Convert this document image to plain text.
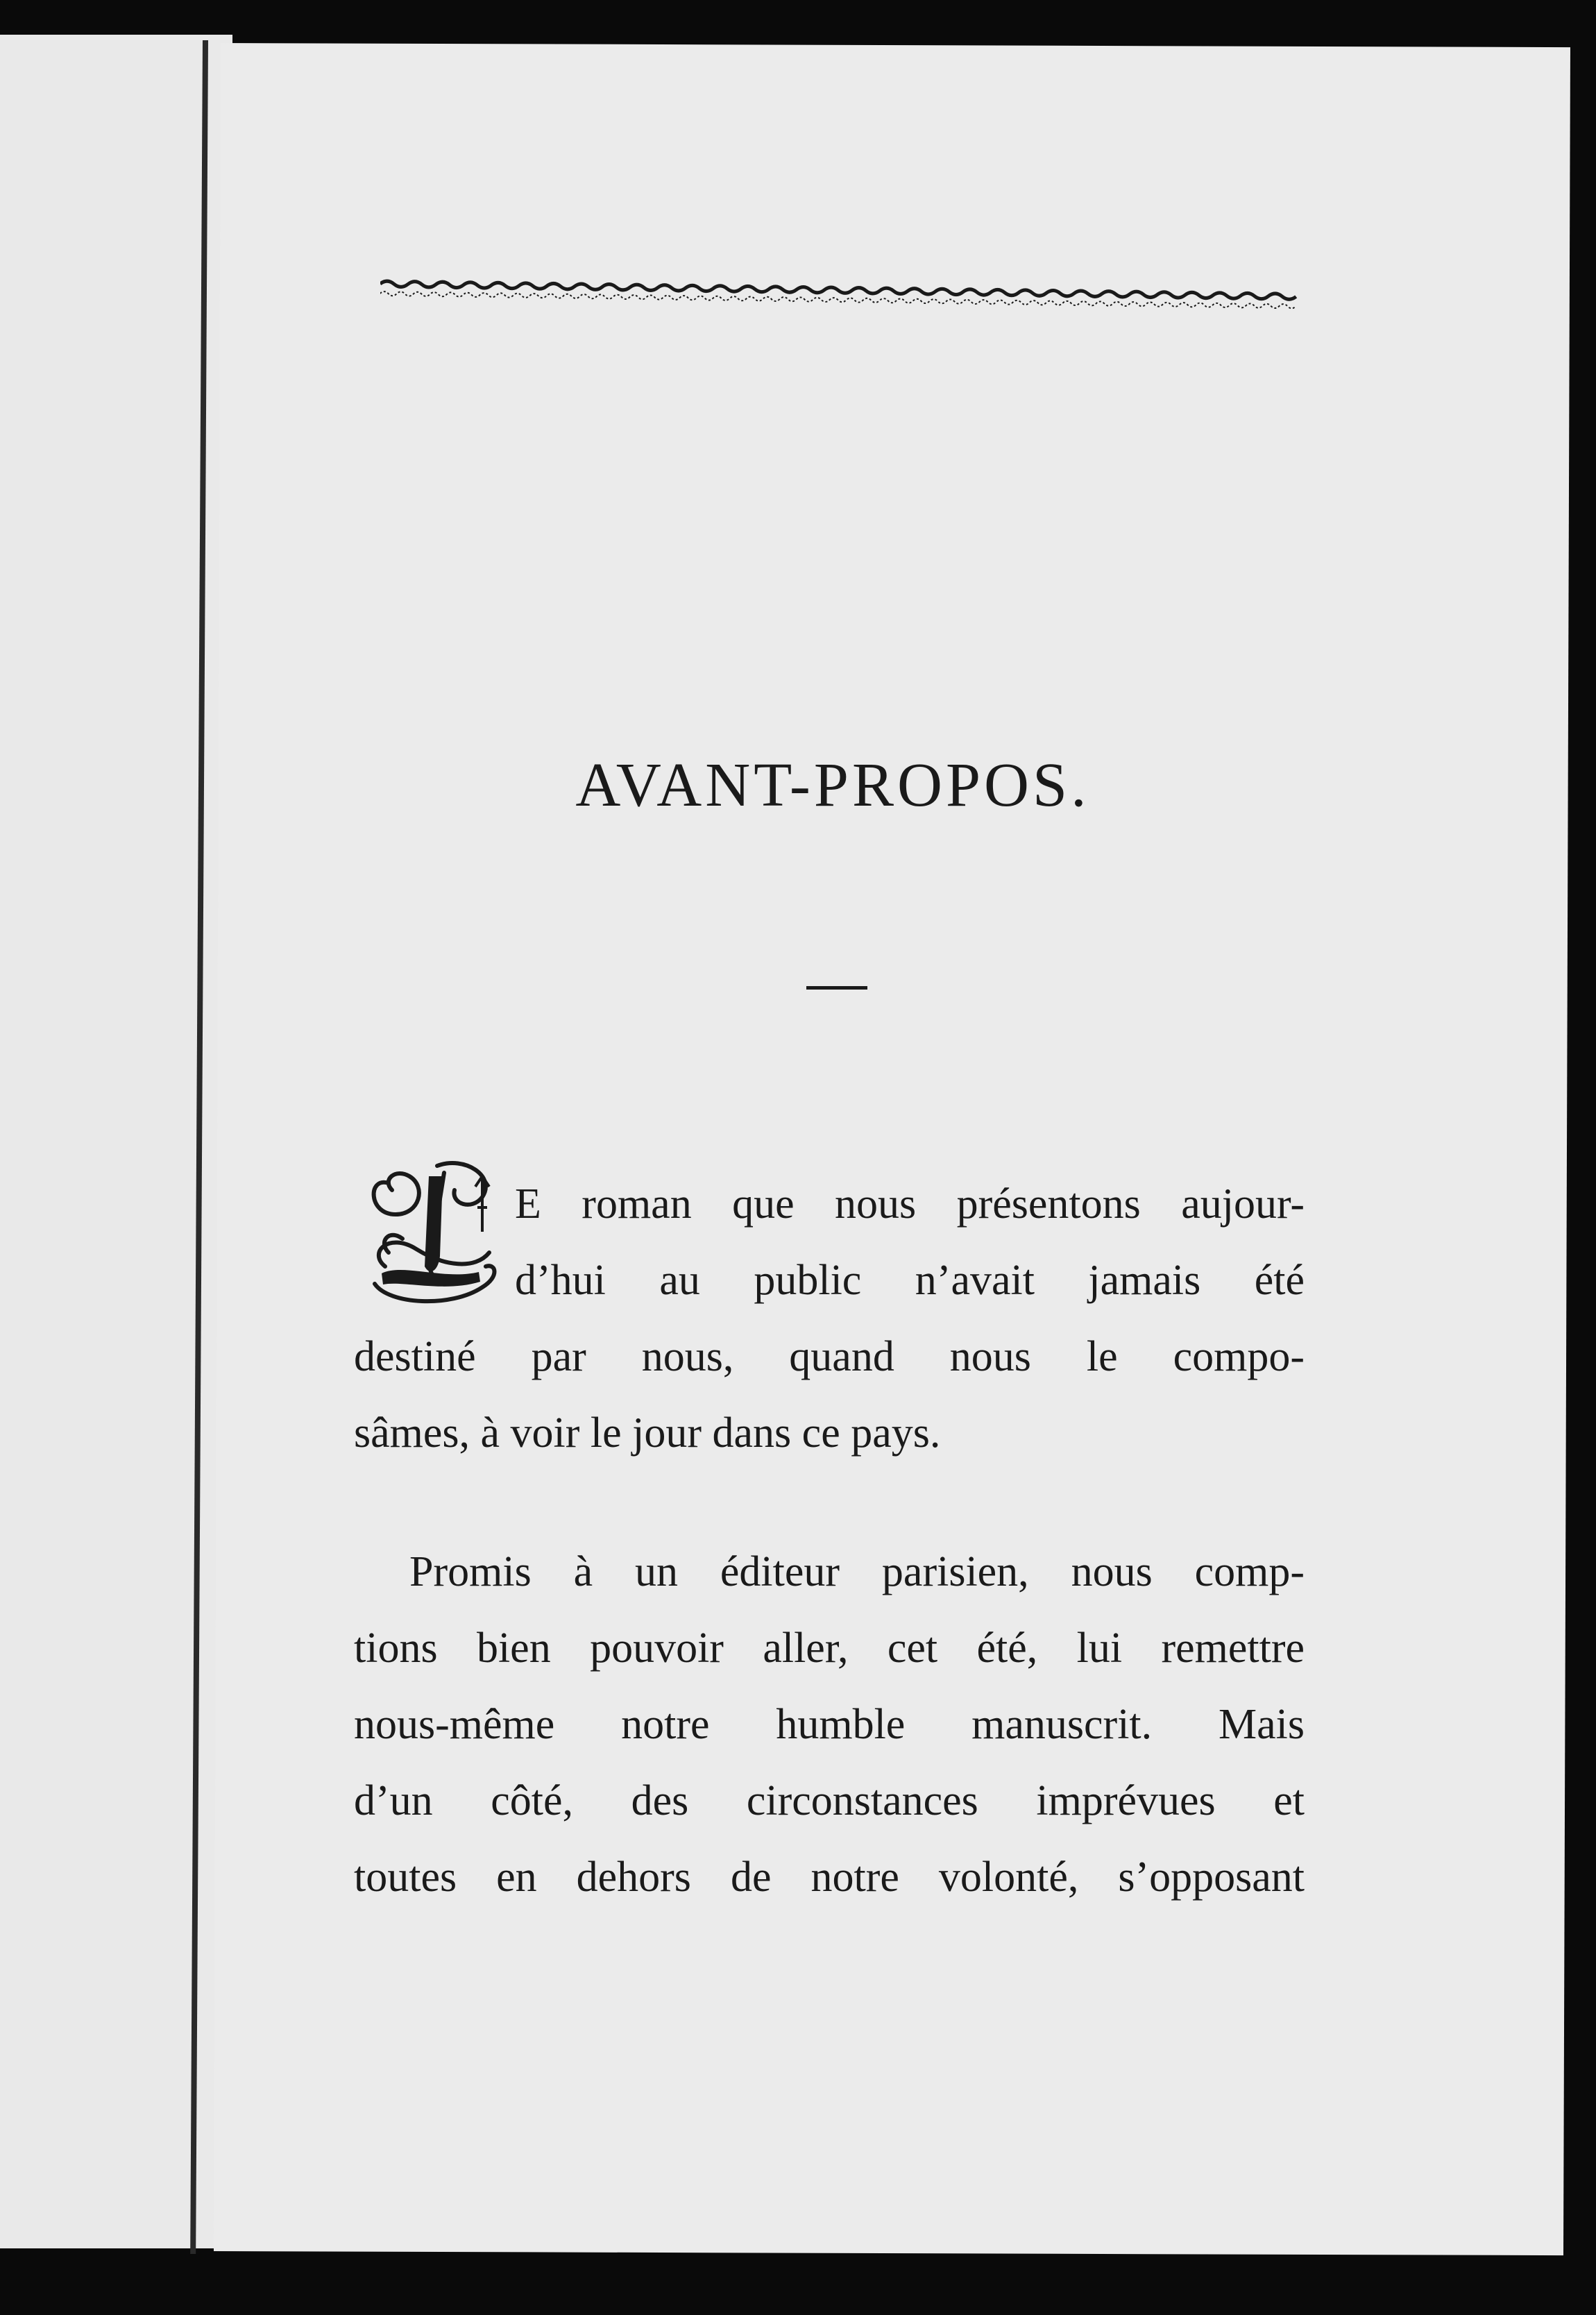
AVANT-PROPOS.
E roman que nous présentons aujour-
d’hui au public n’avait jamais été
destiné par nous, quand nous le compo-
sâmes, à voir le jour dans ce pays.
Promis à un éditeur parisien, nous comp-
tions bien pouvoir aller, cet été, lui remettre
nous-même notre humble manuscrit. Mais
d’un côté, des circonstances imprévues et
toutes en dehors de notre volonté, s’opposant
